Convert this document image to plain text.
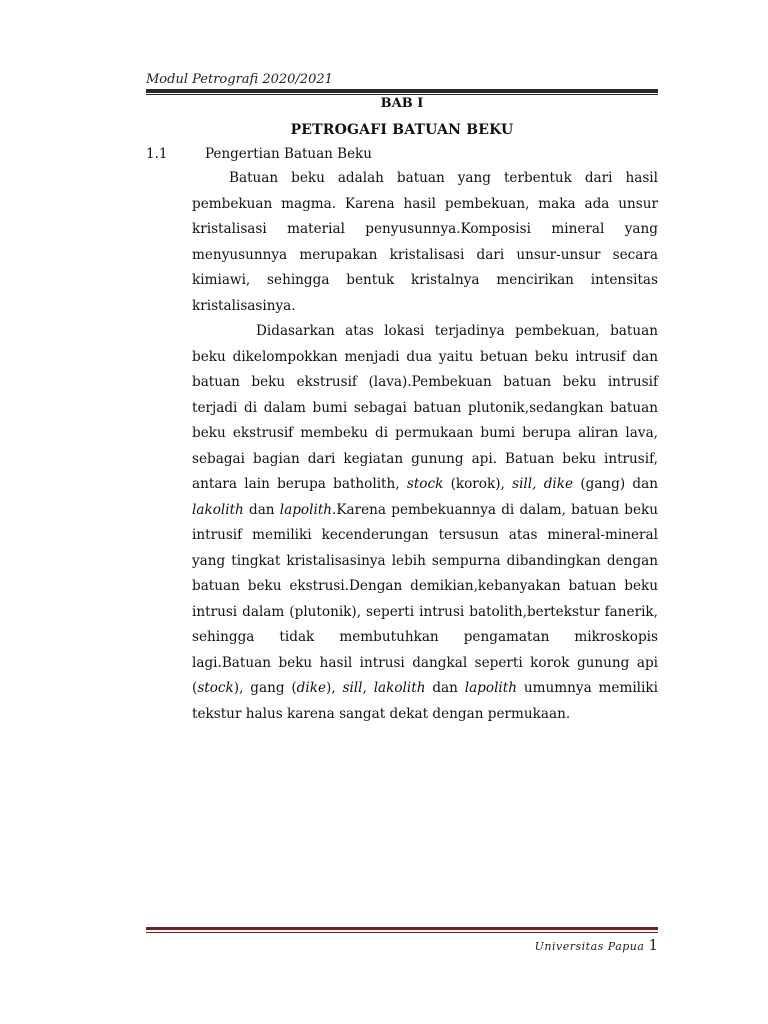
Modul Petrografi 2020/2021
BAB I
PETROGAFI BATUAN BEKU
1.1	Pengertian Batuan Beku

Batuan beku adalah batuan yang terbentuk dari hasil pembekuan magma. Karena hasil pembekuan, maka ada unsur kristalisasi material penyusunnya.Komposisi mineral yang menyusunnya merupakan kristalisasi dari unsur-unsur secara kimiawi, sehingga bentuk kristalnya mencirikan intensitas kristalisasinya.

Didasarkan atas lokasi terjadinya pembekuan, batuan beku dikelompokkan menjadi dua yaitu betuan beku intrusif dan batuan beku ekstrusif (lava).Pembekuan batuan beku intrusif terjadi di dalam bumi sebagai batuan plutonik,sedangkan batuan beku ekstrusif membeku di permukaan bumi berupa aliran lava, sebagai bagian dari kegiatan gunung api. Batuan beku intrusif, antara lain berupa batholith, stock (korok), sill, dike (gang) dan lakolith dan lapolith.Karena pembekuannya di dalam, batuan beku intrusif memiliki kecenderungan tersusun atas mineral-mineral yang tingkat kristalisasinya lebih sempurna dibandingkan dengan batuan beku ekstrusi.Dengan demikian,kebanyakan batuan beku intrusi dalam (plutonik), seperti intrusi batolith,bertekstur fanerik, sehingga tidak membutuhkan pengamatan mikroskopis lagi.Batuan beku hasil intrusi dangkal seperti korok gunung api (stock), gang (dike), sill, lakolith dan lapolith umumnya memiliki tekstur halus karena sangat dekat dengan permukaan.

Universitas Papua 1
